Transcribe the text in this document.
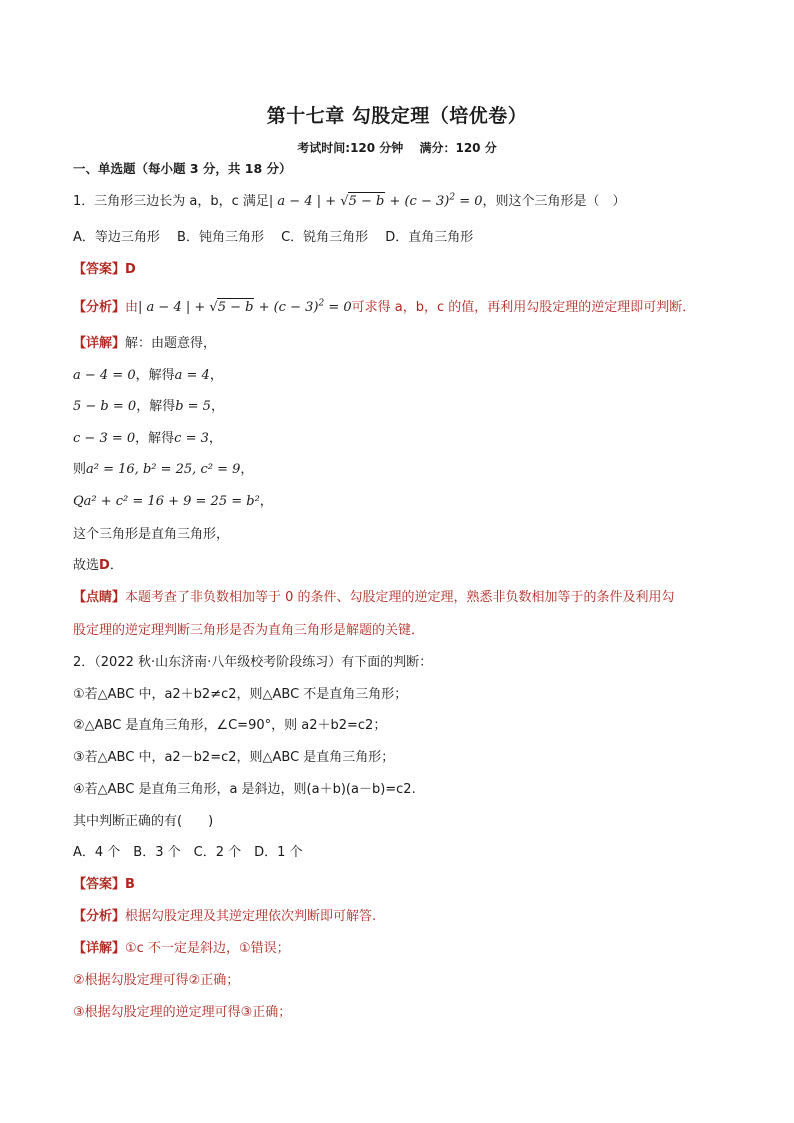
第十七章 勾股定理（培优卷）
考试时间:120 分钟　 满分：120 分
一、单选题（每小题 3 分，共 18 分）
1．三角形三边长为 a，b，c 满足| a − 4 | + $√5 - b + (c - 3)^2 = 0$，则这个三角形是（　）
A．等边三角形　 B．钝角三角形　 C．锐角三角形　 D．直角三角形
【答案】D
【分析】由| a − 4 | + $√5 - b + (c - 3)^2 = 0$可求得 a，b，c 的值，再利用勾股定理的逆定理即可判断．
【详解】解：由题意得，
a − 4 = 0，解得a = 4，
5 − b = 0，解得b = 5，
c − 3 = 0，解得c = 3，
则a² = 16, b² = 25, c² = 9，
Qa² + c² = 16 + 9 = 25 = b²，
这个三角形是直角三角形，
故选D．
【点睛】本题考查了非负数相加等于 0 的条件、勾股定理的逆定理，熟悉非负数相加等于的条件及利用勾
股定理的逆定理判断三角形是否为直角三角形是解题的关键．
2．（2022 秋·山东济南·八年级校考阶段练习）有下面的判断：
①若△ABC 中，a2＋b2≠c2，则△ABC 不是直角三角形；
②△ABC 是直角三角形，∠C=90°，则 a2＋b2=c2；
③若△ABC 中，a2－b2=c2，则△ABC 是直角三角形；
④若△ABC 是直角三角形，a 是斜边，则(a＋b)(a－b)=c2.
其中判断正确的有(　　)
A．4 个　B．3 个　C．2 个　D．1 个
【答案】B
【分析】根据勾股定理及其逆定理依次判断即可解答.
【详解】①c 不一定是斜边，①错误；
②根据勾股定理可得②正确；
③根据勾股定理的逆定理可得③正确；
